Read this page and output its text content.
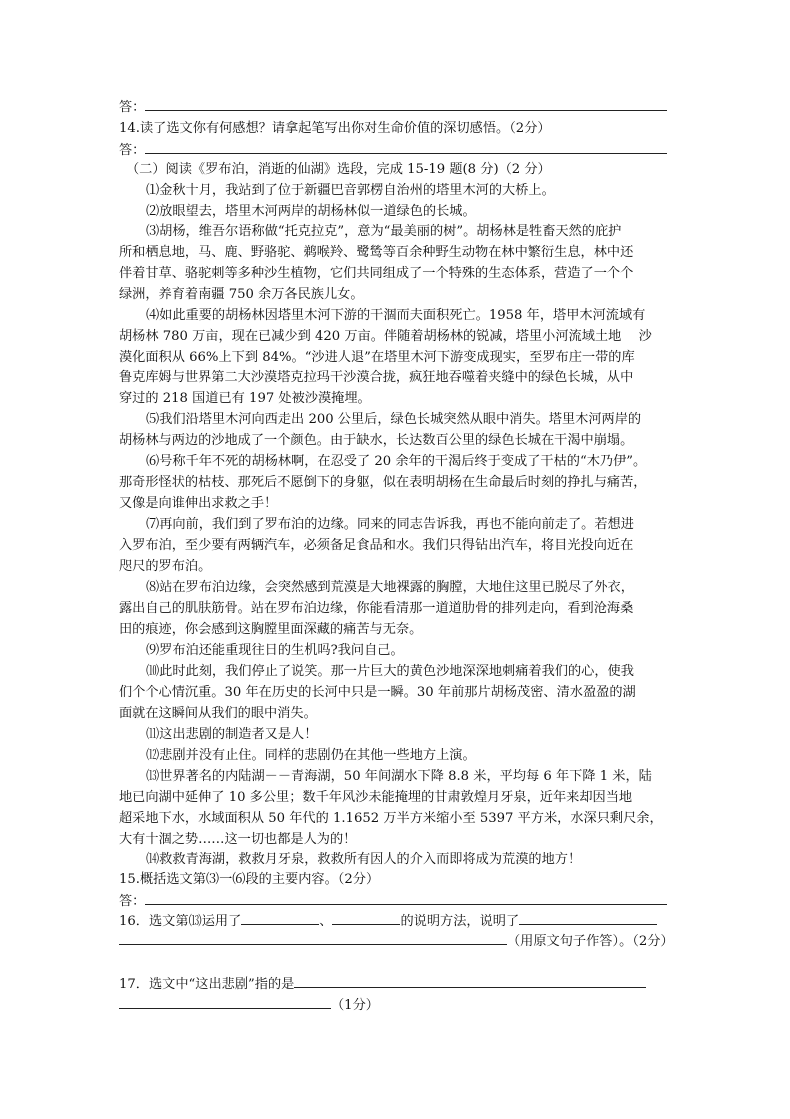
答：
14.读了选文你有何感想？请拿起笔写出你对生命价值的深切感悟。（2分）
答：
（二）阅读《罗布泊，消逝的仙湖》选段，完成 15-19 题(8 分)（2 分）
⑴金秋十月，我站到了位于新疆巴音郭楞自治州的塔里木河的大桥上。
⑵放眼望去，塔里木河两岸的胡杨林似一道绿色的长城。
⑶胡杨，维吾尔语称做“托克拉克”，意为“最美丽的树”。胡杨林是牲畜天然的庇护
所和栖息地，马、鹿、野骆驼、鹈喉羚、鹭鸶等百余种野生动物在林中繁衍生息，林中还
伴着甘草、骆驼刺等多种沙生植物，它们共同组成了一个特殊的生态体系，营造了一个个
绿洲，养育着南疆 750 余万各民族儿女。
⑷如此重要的胡杨林因塔里木河下游的干涸而夫面积死亡。1958 年，塔甲木河流域有
胡杨林 780 万亩，现在已减少到 420 万亩。伴随着胡杨林的锐减，塔里小河流域土地　 沙
漠化面积从 66%上下到 84%。“沙进人退”在塔里木河下游变成现实，至罗布庄一带的库
鲁克库姆与世界第二大沙漠塔克拉玛干沙漠合拢，疯狂地吞噬着夹缝中的绿色长城，从中
穿过的 218 国道已有 197 处被沙漠掩埋。
⑸我们沿塔里木河向西走出 200 公里后，绿色长城突然从眼中消失。塔里木河两岸的
胡杨林与两边的沙地成了一个颜色。由于缺水，长达数百公里的绿色长城在干渴中崩塌。
⑹号称千年不死的胡杨林啊，在忍受了 20 余年的干渴后终于变成了干枯的“木乃伊”。
那奇形怪状的枯枝、那死后不愿倒下的身躯，似在表明胡杨在生命最后时刻的挣扎与痛苦，
又像是向谁伸出求救之手！
⑺再向前，我们到了罗布泊的边缘。同来的同志告诉我，再也不能向前走了。若想进
入罗布泊，至少要有两辆汽车，必须备足食品和水。我们只得钻出汽车，将目光投向近在
咫尺的罗布泊。
⑻站在罗布泊边缘，会突然感到荒漠是大地裸露的胸膛，大地住这里已脱尽了外衣，
露出自己的肌肤筋骨。站在罗布泊边缘，你能看清那一道道肋骨的排列走向，看到沧海桑
田的痕迹，你会感到这胸膛里面深藏的痛苦与无奈。
⑼罗布泊还能重现往日的生机吗?我问自己。
⑽此时此刻，我们停止了说笑。那一片巨大的黄色沙地深深地刺痛着我们的心，使我
们个个心情沉重。30 年在历史的长河中只是一瞬。30 年前那片胡杨茂密、清水盈盈的湖
面就在这瞬间从我们的眼中消失。
⑾这出悲剧的制造者又是人！
⑿悲剧并没有止住。同样的悲剧仍在其他一些地方上演。
⒀世界著名的内陆湖－－青海湖，50 年间湖水下降 8.8 米，平均每 6 年下降 1 米，陆
地已向湖中延伸了 10 多公里；数千年风沙未能掩埋的甘肃敦煌月牙泉，近年来却因当地
超采地下水，水域面积从 50 年代的 1.1652 万半方米缩小至 5397 平方米，水深只剩尺余，
大有十涸之势……这一切也都是人为的！
⒁救救青海湖，救救月牙泉，救救所有因人的介入而即将成为荒漠的地方！
15.概括选文第⑶一⑹段的主要内容。（2分）
答：
16．选文第⒀运用了	、	的说明方法，说明了
（用原文句子作答）。（2分）
17．选文中“这出悲剧”指的是
（1分）
